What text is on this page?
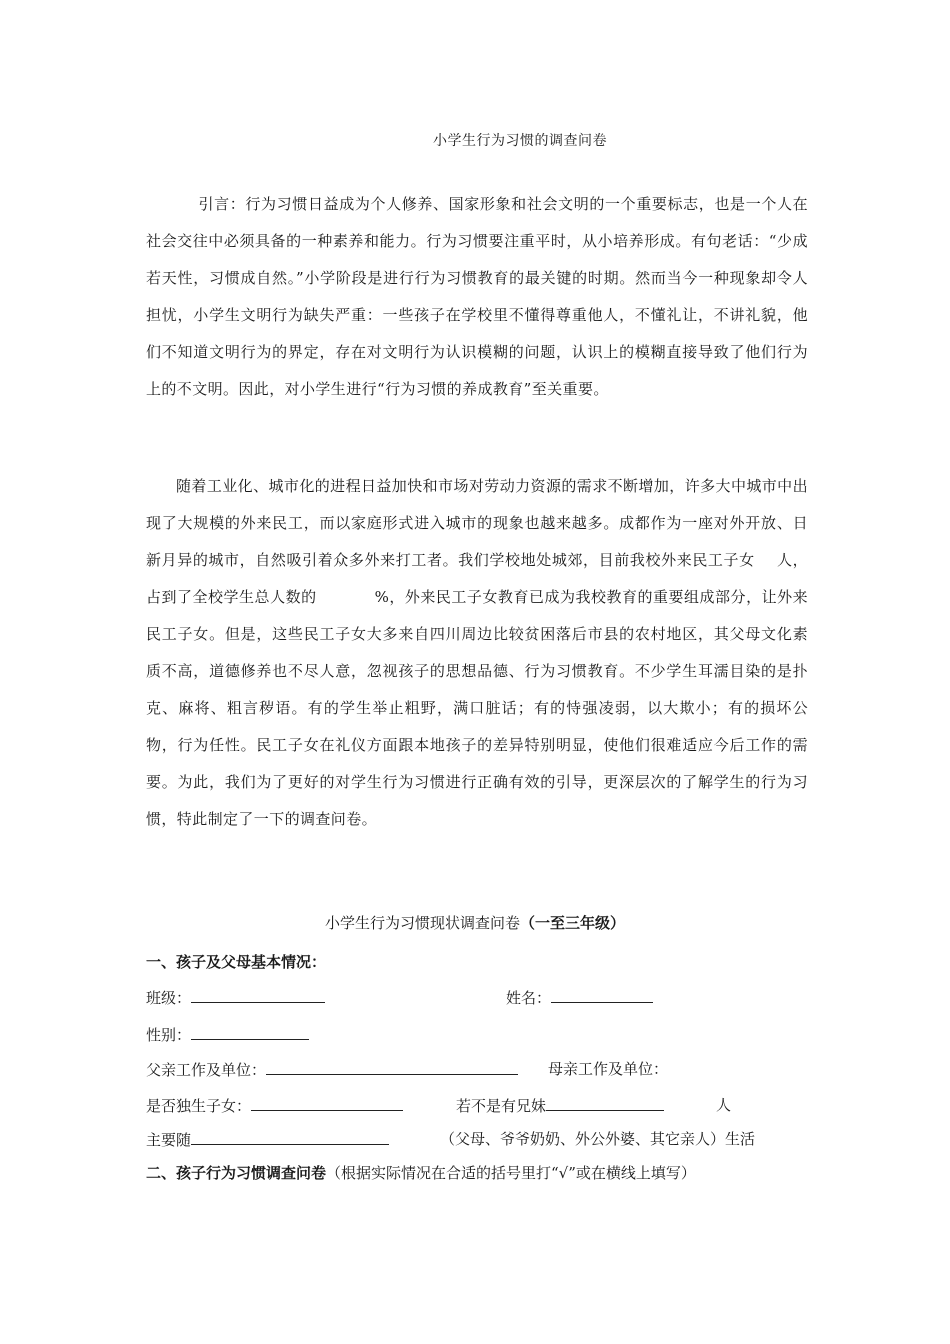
小学生行为习惯的调查问卷

引言：行为习惯日益成为个人修养、国家形象和社会文明的一个重要标志，也是一个人在社会交往中必须具备的一种素养和能力。行为习惯要注重平时，从小培养形成。有句老话：“少成若天性，习惯成自然。”小学阶段是进行行为习惯教育的最关键的时期。然而当今一种现象却令人担忧，小学生文明行为缺失严重：一些孩子在学校里不懂得尊重他人，不懂礼让，不讲礼貌，他们不知道文明行为的界定，存在对文明行为认识模糊的问题，认识上的模糊直接导致了他们行为上的不文明。因此，对小学生进行“行为习惯的养成教育”至关重要。

随着工业化、城市化的进程日益加快和市场对劳动力资源的需求不断增加，许多大中城市中出现了大规模的外来民工，而以家庭形式进入城市的现象也越来越多。成都作为一座对外开放、日新月异的城市，自然吸引着众多外来打工者。我们学校地处城郊，目前我校外来民工子女 人，占到了全校学生总人数的	%，外来民工子女教育已成为我校教育的重要组成部分，让外来民工子女。但是，这些民工子女大多来自四川周边比较贫困落后市县的农村地区，其父母文化素质不高，道德修养也不尽人意，忽视孩子的思想品德、行为习惯教育。不少学生耳濡目染的是扑克、麻将、粗言秽语。有的学生举止粗野，满口脏话；有的恃强凌弱，以大欺小；有的损坏公物，行为任性。民工子女在礼仪方面跟本地孩子的差异特别明显，使他们很难适应今后工作的需要。为此，我们为了更好的对学生行为习惯进行正确有效的引导，更深层次的了解学生的行为习惯，特此制定了一下的调查问卷。

小学生行为习惯现状调查问卷（一至三年级）
一、孩子及父母基本情况：
班级：	姓名：
性别：
父亲工作及单位：	母亲工作及单位：
是否独生子女：	若不是有兄妹	人
主要随	（父母、爷爷奶奶、外公外婆、其它亲人）生活
二、孩子行为习惯调查问卷（根据实际情况在合适的括号里打“√”或在横线上填写）
